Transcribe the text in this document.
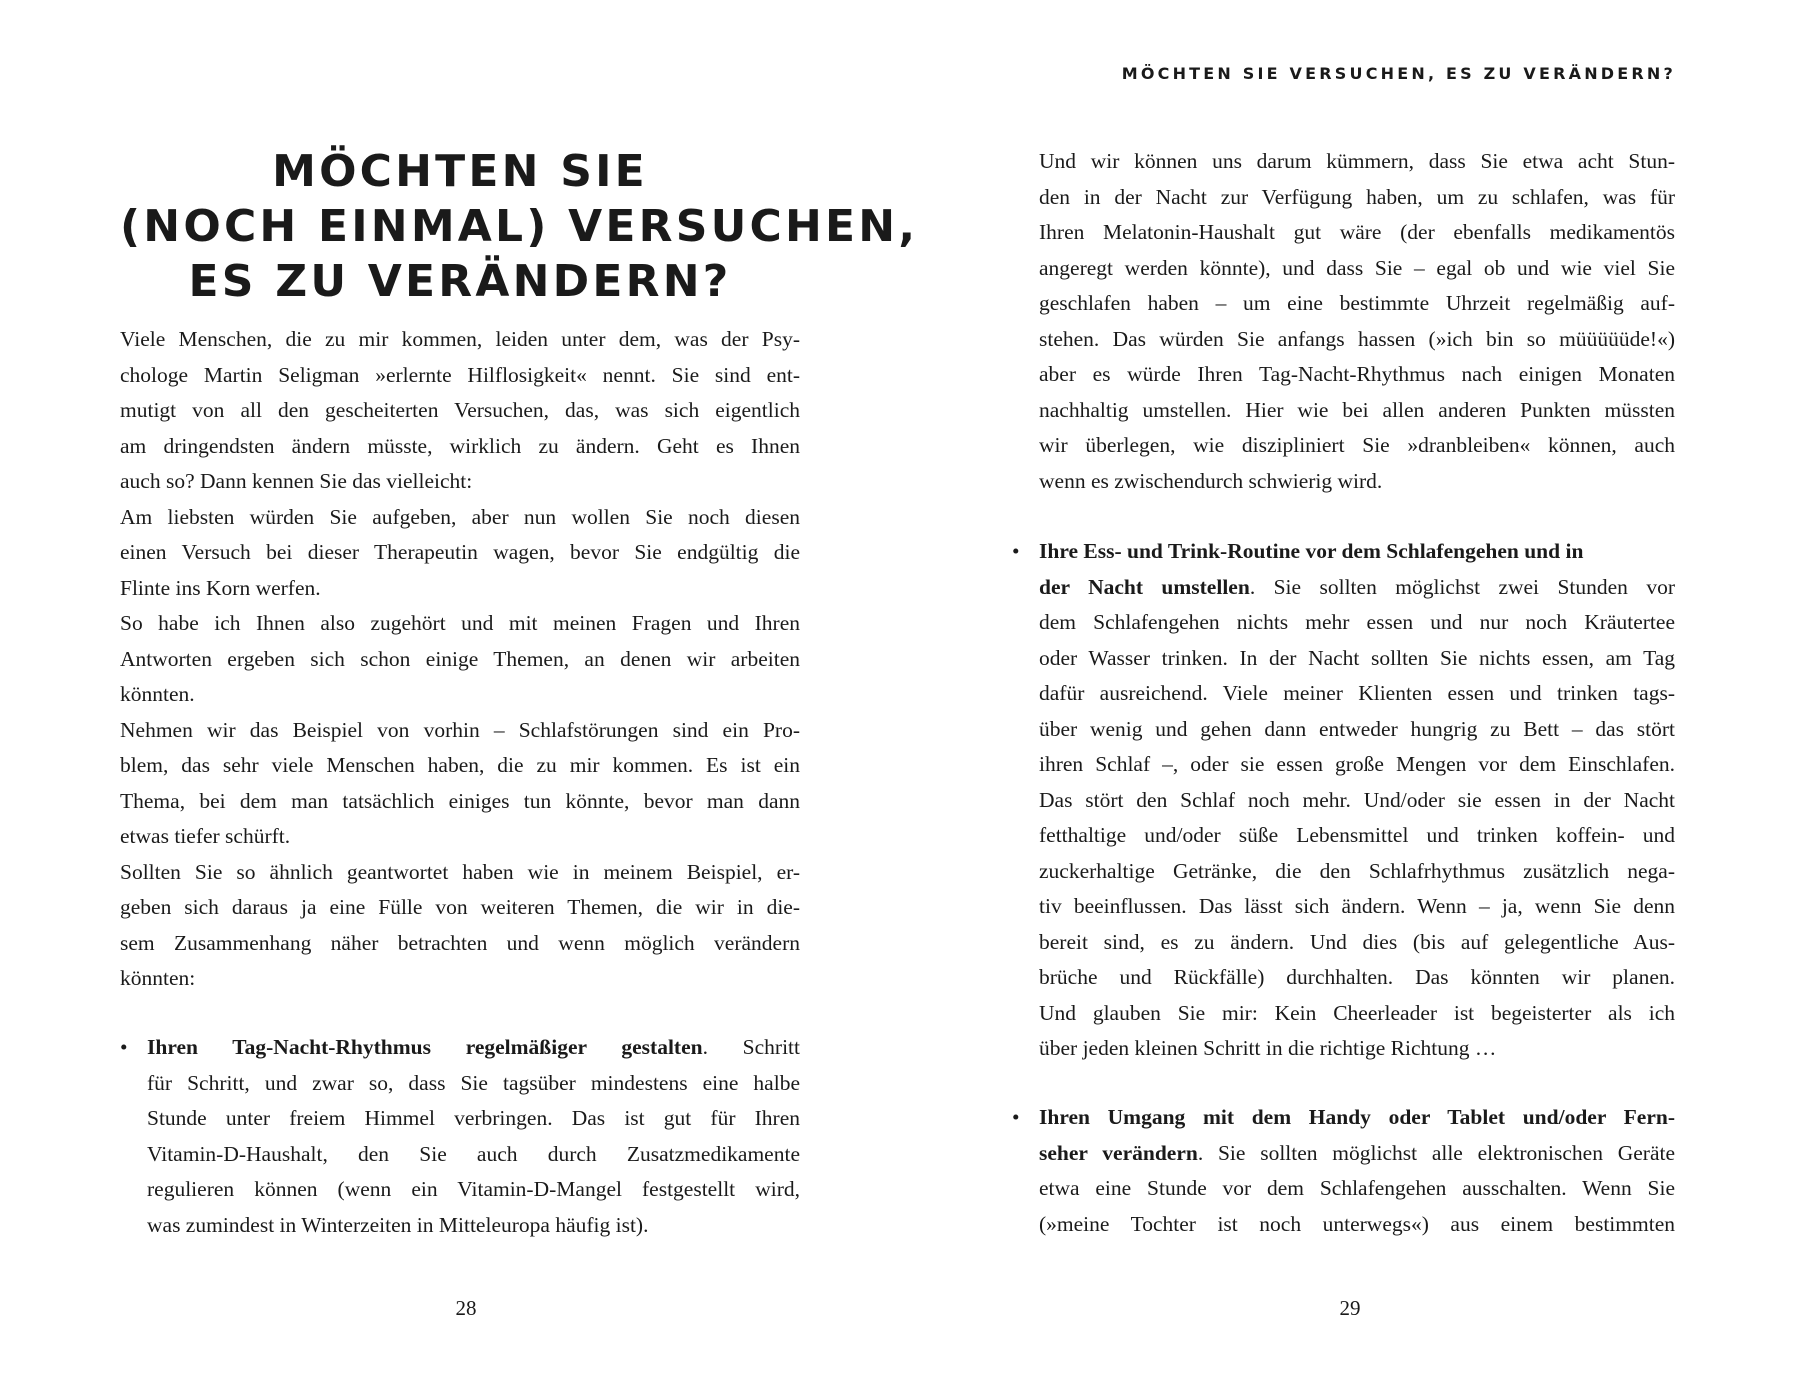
MÖCHTEN SIE
(NOCH EINMAL) VERSUCHEN,
ES ZU VERÄNDERN?
Viele Menschen, die zu mir kommen, leiden unter dem, was der Psy-
chologe Martin Seligman »erlernte Hilflosigkeit« nennt. Sie sind ent-
mutigt von all den gescheiterten Versuchen, das, was sich eigentlich
am dringendsten ändern müsste, wirklich zu ändern. Geht es Ihnen
auch so? Dann kennen Sie das vielleicht:
Am liebsten würden Sie aufgeben, aber nun wollen Sie noch diesen
einen Versuch bei dieser Therapeutin wagen, bevor Sie endgültig die
Flinte ins Korn werfen.
So habe ich Ihnen also zugehört und mit meinen Fragen und Ihren
Antworten ergeben sich schon einige Themen, an denen wir arbeiten
könnten.
Nehmen wir das Beispiel von vorhin – Schlafstörungen sind ein Pro-
blem, das sehr viele Menschen haben, die zu mir kommen. Es ist ein
Thema, bei dem man tatsächlich einiges tun könnte, bevor man dann
etwas tiefer schürft.
Sollten Sie so ähnlich geantwortet haben wie in meinem Beispiel, er-
geben sich daraus ja eine Fülle von weiteren Themen, die wir in die-
sem Zusammenhang näher betrachten und wenn möglich verändern
könnten:
• Ihren Tag-Nacht-Rhythmus regelmäßiger gestalten. Schritt
für Schritt, und zwar so, dass Sie tagsüber mindestens eine halbe
Stunde unter freiem Himmel verbringen. Das ist gut für Ihren
Vitamin-D-Haushalt, den Sie auch durch Zusatzmedikamente
regulieren können (wenn ein Vitamin-D-Mangel festgestellt wird,
was zumindest in Winterzeiten in Mitteleuropa häufig ist).
28
MÖCHTEN SIE VERSUCHEN, ES ZU VERÄNDERN?
Und wir können uns darum kümmern, dass Sie etwa acht Stun-
den in der Nacht zur Verfügung haben, um zu schlafen, was für
Ihren Melatonin-Haushalt gut wäre (der ebenfalls medikamentös
angeregt werden könnte), und dass Sie – egal ob und wie viel Sie
geschlafen haben – um eine bestimmte Uhrzeit regelmäßig auf-
stehen. Das würden Sie anfangs hassen (»ich bin so müüüüüde!«)
aber es würde Ihren Tag-Nacht-Rhythmus nach einigen Monaten
nachhaltig umstellen. Hier wie bei allen anderen Punkten müssten
wir überlegen, wie diszipliniert Sie »dranbleiben« können, auch
wenn es zwischendurch schwierig wird.
• Ihre Ess- und Trink-Routine vor dem Schlafengehen und in
der Nacht umstellen. Sie sollten möglichst zwei Stunden vor
dem Schlafengehen nichts mehr essen und nur noch Kräutertee
oder Wasser trinken. In der Nacht sollten Sie nichts essen, am Tag
dafür ausreichend. Viele meiner Klienten essen und trinken tags-
über wenig und gehen dann entweder hungrig zu Bett – das stört
ihren Schlaf –, oder sie essen große Mengen vor dem Einschlafen.
Das stört den Schlaf noch mehr. Und/oder sie essen in der Nacht
fetthaltige und/oder süße Lebensmittel und trinken koffein- und
zuckerhaltige Getränke, die den Schlafrhythmus zusätzlich nega-
tiv beeinflussen. Das lässt sich ändern. Wenn – ja, wenn Sie denn
bereit sind, es zu ändern. Und dies (bis auf gelegentliche Aus-
brüche und Rückfälle) durchhalten. Das könnten wir planen.
Und glauben Sie mir: Kein Cheerleader ist begeisterter als ich
über jeden kleinen Schritt in die richtige Richtung …
• Ihren Umgang mit dem Handy oder Tablet und/oder Fern-
seher verändern. Sie sollten möglichst alle elektronischen Geräte
etwa eine Stunde vor dem Schlafengehen ausschalten. Wenn Sie
(»meine Tochter ist noch unterwegs«) aus einem bestimmten
29
